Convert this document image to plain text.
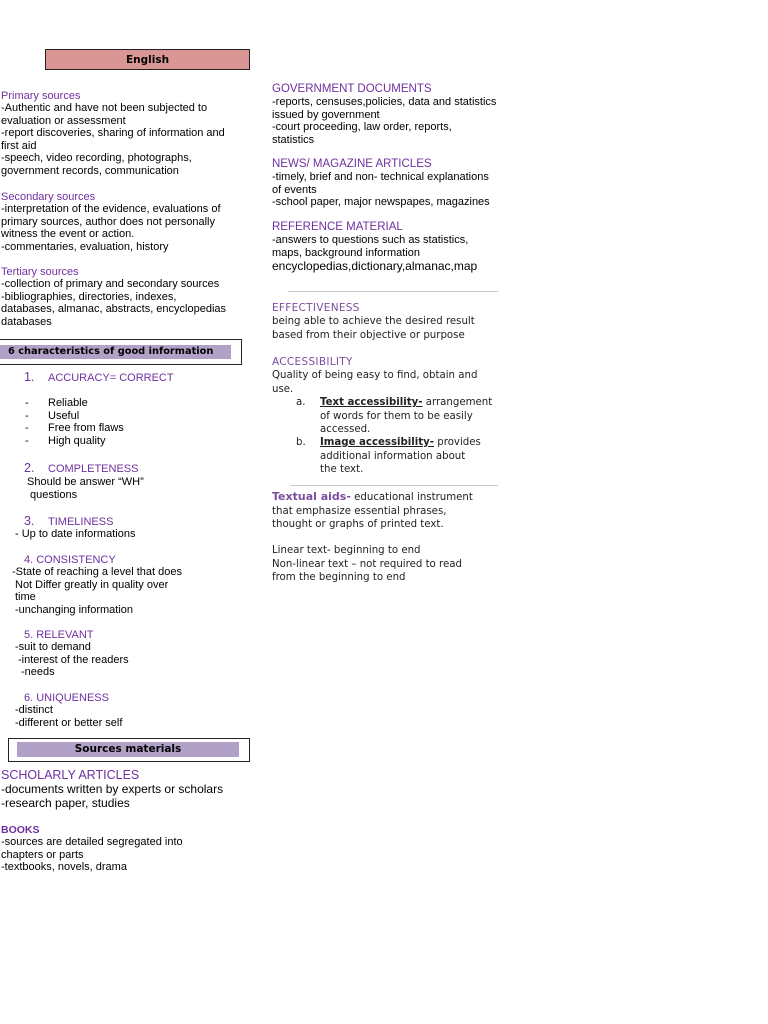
English
Primary sources
-Authentic and have not been subjected to
evaluation or assessment
-report discoveries, sharing of information and
first aid
-speech, video recording, photographs,
government records, communication
Secondary sources
-interpretation of the evidence, evaluations of
primary sources, author does not personally
witness the event or action.
-commentaries, evaluation, history
Tertiary sources
-collection of primary and secondary sources
-bibliographies, directories, indexes,
databases, almanac, abstracts, encyclopedias
databases
6 characteristics of good information
1. ACCURACY= CORRECT
-
-
-
-
Reliable
Useful
Free from flaws
High quality
2. COMPLETENESS
Should be answer “WH”
questions
3. TIMELINESS
- Up to date informations
4. CONSISTENCY
-State of reaching a level that does
Not Differ greatly in quality over
time
-unchanging information
5. RELEVANT
-suit to demand
-interest of the readers
-needs
6. UNIQUENESS
-distinct
-different or better self
Sources materials
SCHOLARLY ARTICLES
-documents written by experts or scholars
-research paper, studies
BOOKS
-sources are detailed segregated into
chapters or parts
-textbooks, novels, drama
GOVERNMENT DOCUMENTS
-reports, censuses,policies, data and statistics
issued by government
-court proceeding, law order, reports,
statistics
NEWS/ MAGAZINE ARTICLES
-timely, brief and non- technical explanations
of events
-school paper, major newspapes, magazines
REFERENCE MATERIAL
-answers to questions such as statistics,
maps, background information
encyclopedias,dictionary,almanac,map
EFFECTIVENESS
being able to achieve the desired result
based from their objective or purpose
ACCESSIBILITY
Quality of being easy to find, obtain and
use.
a. Text accessibility- arrangement
of words for them to be easily
accessed.
b. Image accessibility- provides
additional information about
the text.
Textual aids- educational instrument
that emphasize essential phrases,
thought or graphs of printed text.
Linear text- beginning to end
Non-linear text – not required to read
from the beginning to end
